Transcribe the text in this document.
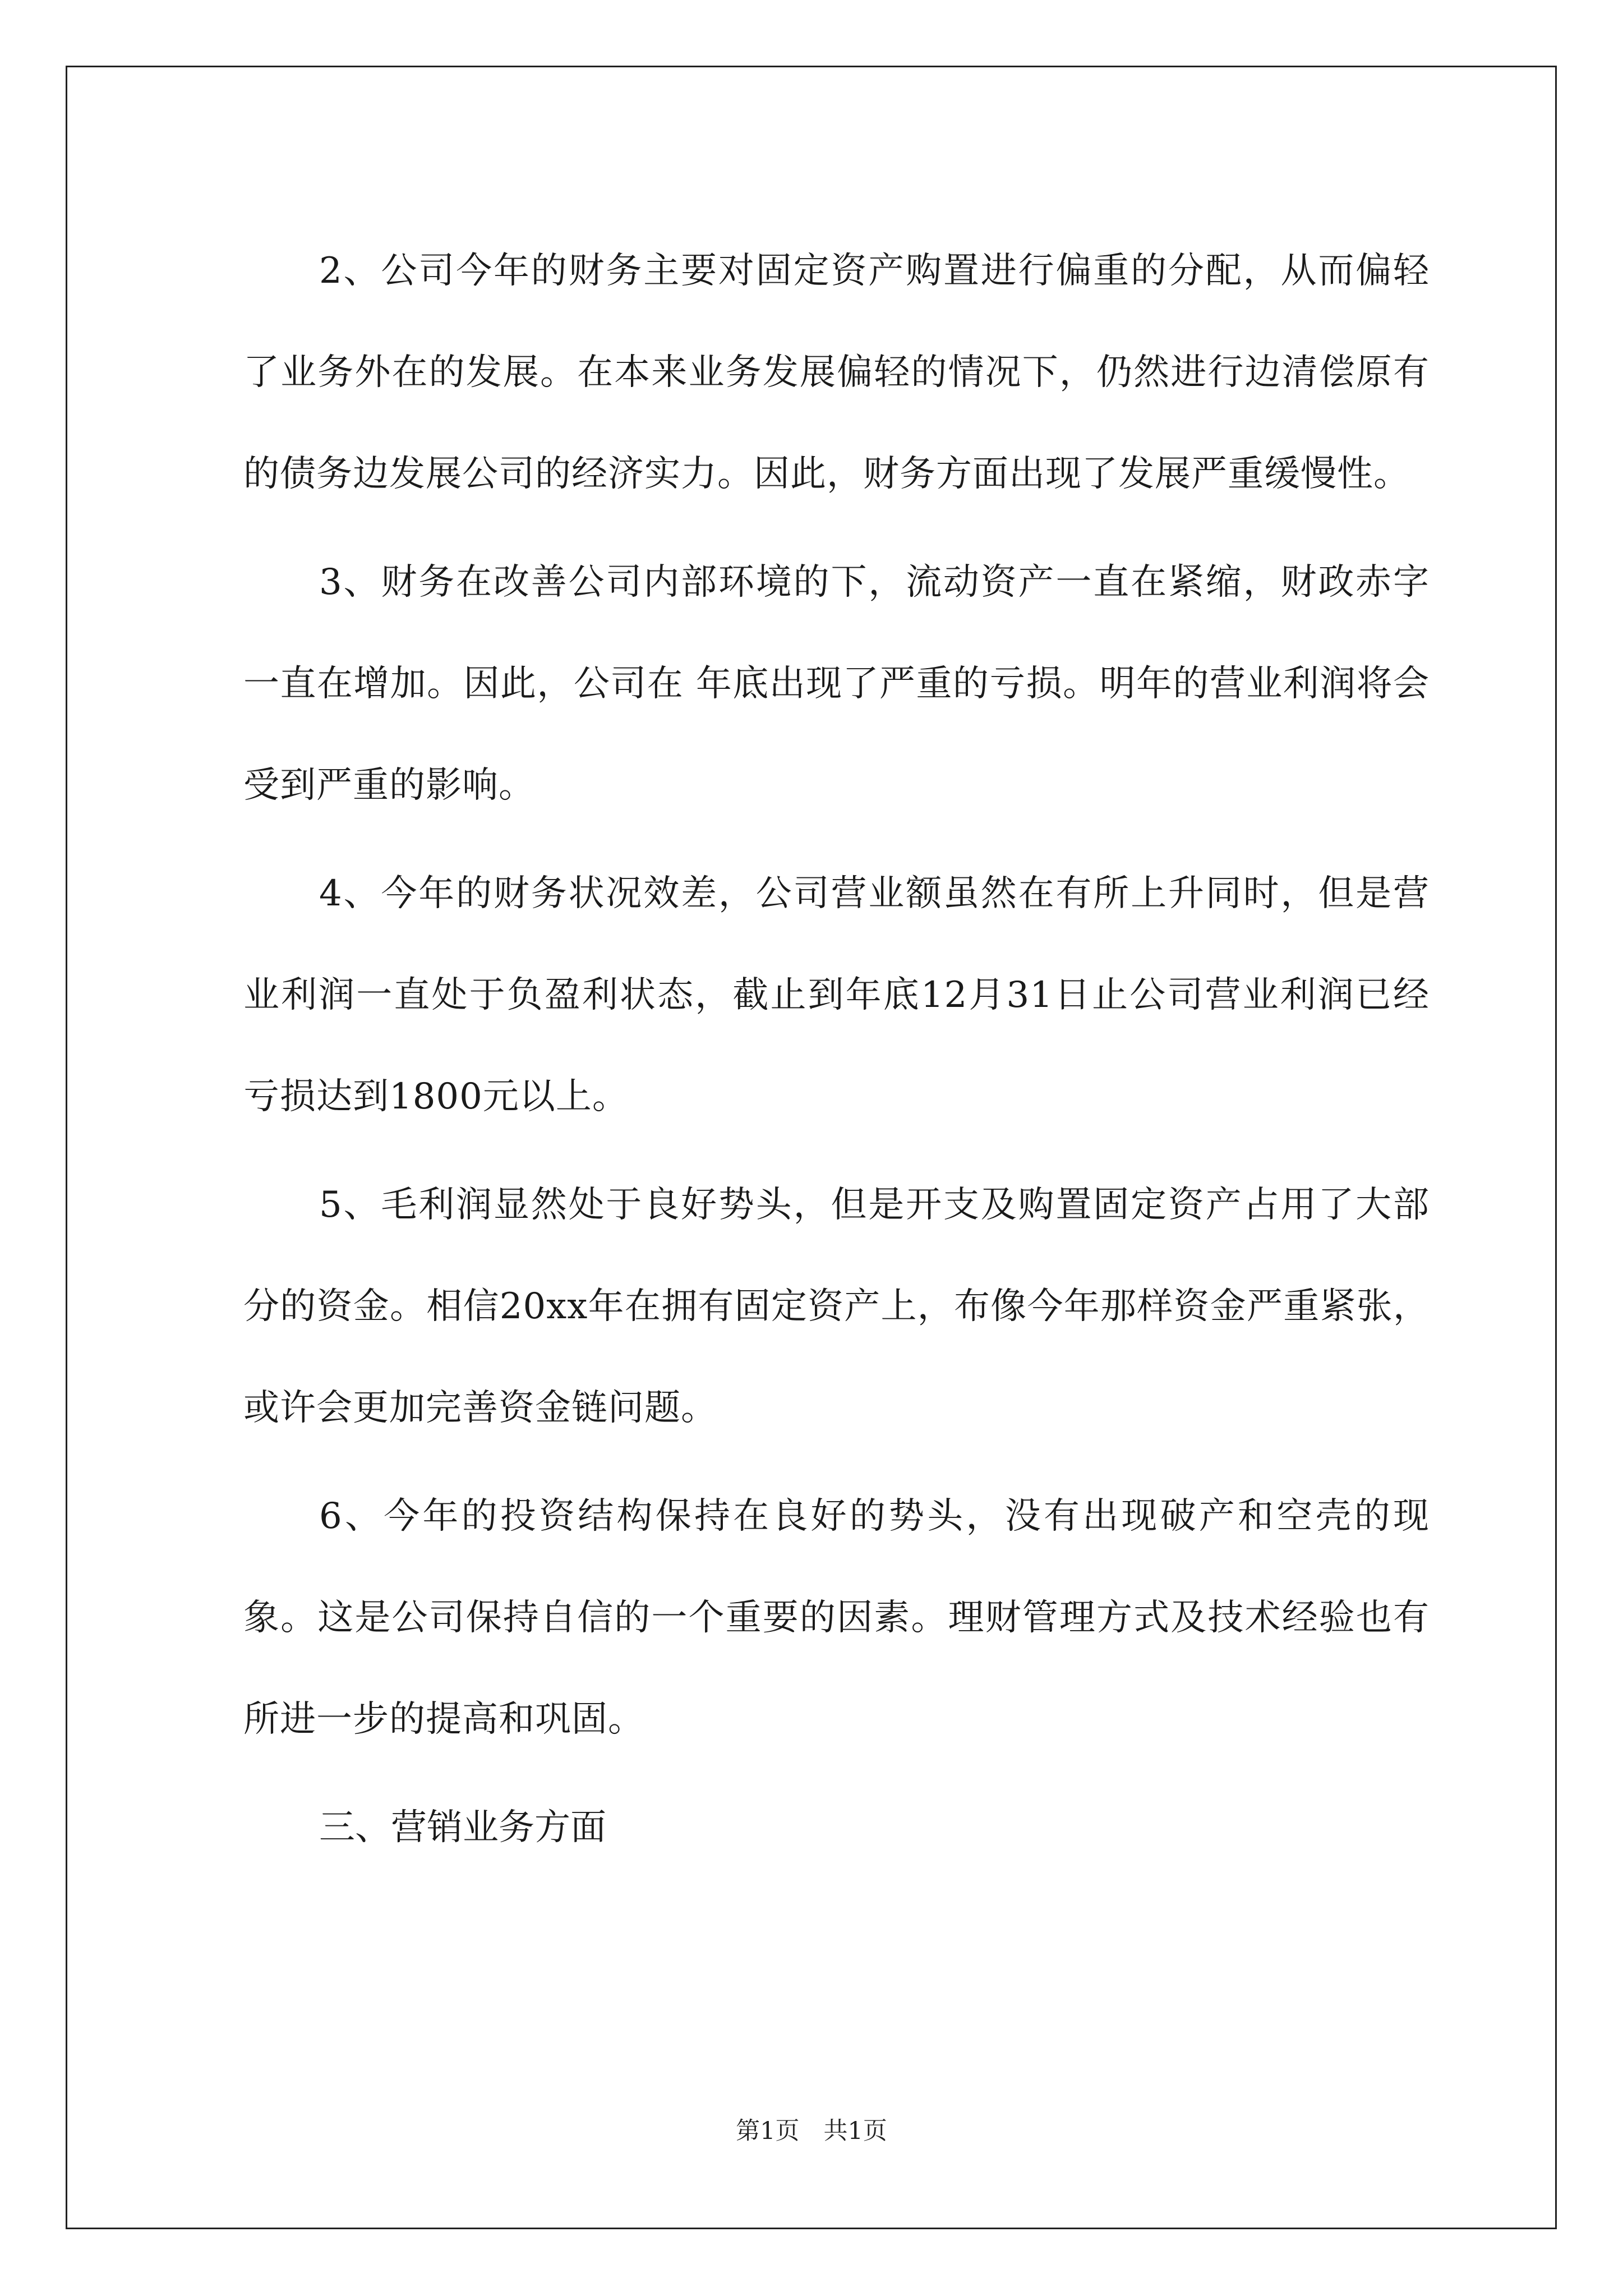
2、公司今年的财务主要对固定资产购置进行偏重的分配，从而偏轻了业务外在的发展。在本来业务发展偏轻的情况下，仍然进行边清偿原有的债务边发展公司的经济实力。因此，财务方面出现了发展严重缓慢性。

3、财务在改善公司内部环境的下，流动资产一直在紧缩，财政赤字一直在增加。因此，公司在 年底出现了严重的亏损。明年的营业利润将会受到严重的影响。

4、今年的财务状况效差，公司营业额虽然在有所上升同时，但是营业利润一直处于负盈利状态，截止到年底12月31日止公司营业利润已经亏损达到1800元以上。

5、毛利润显然处于良好势头，但是开支及购置固定资产占用了大部分的资金。相信20xx年在拥有固定资产上，布像今年那样资金严重紧张，或许会更加完善资金链问题。

6、今年的投资结构保持在良好的势头，没有出现破产和空壳的现象。这是公司保持自信的一个重要的因素。理财管理方式及技术经验也有所进一步的提高和巩固。

三、营销业务方面

第1页　共1页
